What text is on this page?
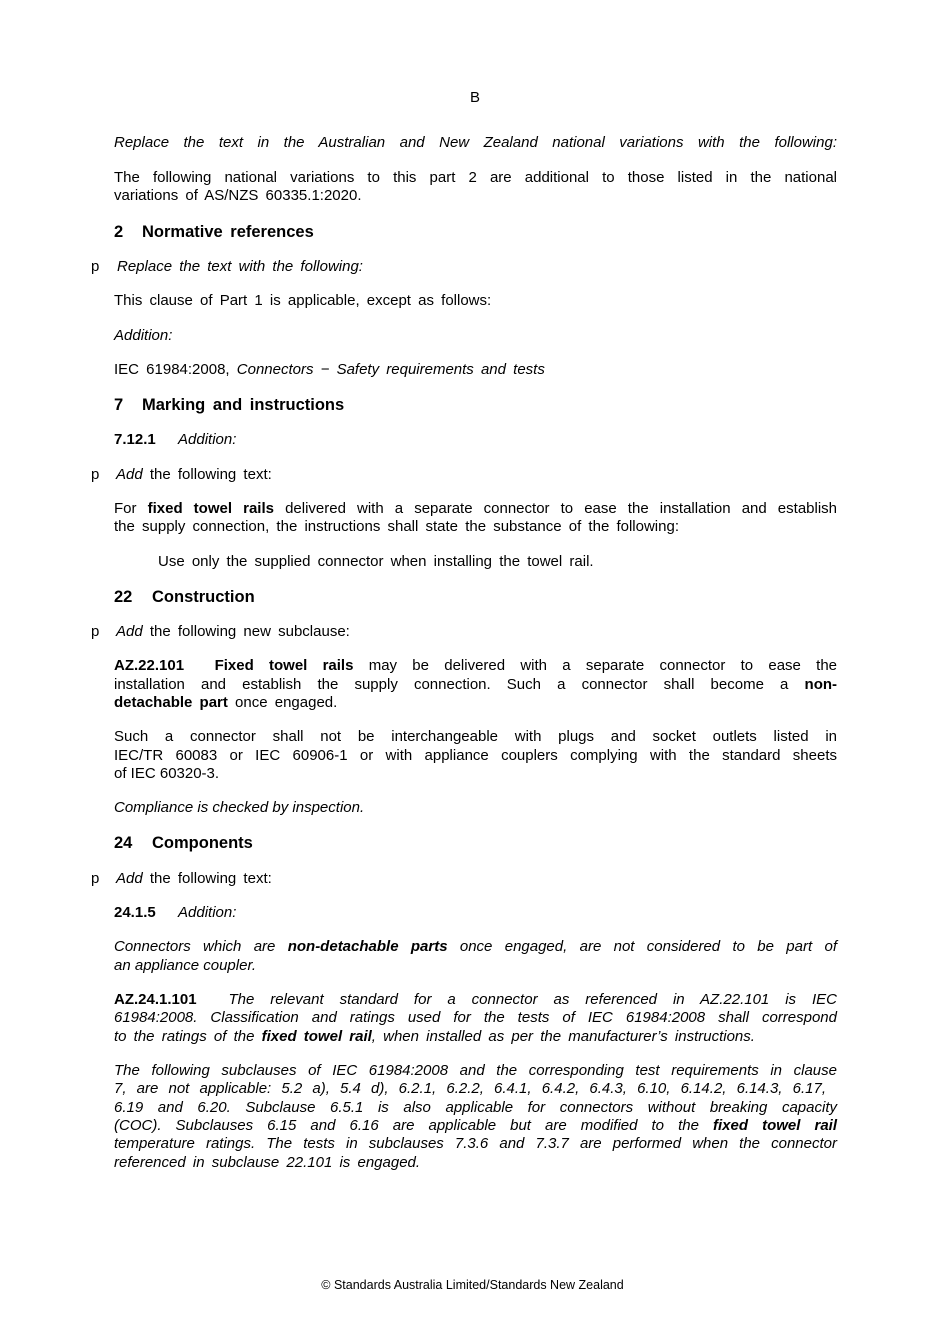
B
Replace the text in the Australian and New Zealand national variations with the following:
The following national variations to this part 2 are additional to those listed in the national
variations of AS/NZS 60335.1:2020.
2 Normative references
p Replace the text with the following:
This clause of Part 1 is applicable, except as follows:
Addition:
IEC 61984:2008, Connectors − Safety requirements and tests
7 Marking and instructions
7.12.1 Addition:
p Add the following text:
For fixed towel rails delivered with a separate connector to ease the installation and establish
the supply connection, the instructions shall state the substance of the following:
Use only the supplied connector when installing the towel rail.
22 Construction
p Add the following new subclause:
AZ.22.101 Fixed towel rails may be delivered with a separate connector to ease the
installation and establish the supply connection. Such a connector shall become a non-
detachable part once engaged.
Such a connector shall not be interchangeable with plugs and socket outlets listed in
IEC/TR 60083 or IEC 60906-1 or with appliance couplers complying with the standard sheets
of IEC 60320-3.
Compliance is checked by inspection.
24 Components
p Add the following text:
24.1.5 Addition:
Connectors which are non-detachable parts once engaged, are not considered to be part of
an appliance coupler.
AZ.24.1.101 The relevant standard for a connector as referenced in AZ.22.101 is IEC
61984:2008. Classification and ratings used for the tests of IEC 61984:2008 shall correspond
to the ratings of the fixed towel rail, when installed as per the manufacturer’s instructions.
The following subclauses of IEC 61984:2008 and the corresponding test requirements in clause
7, are not applicable: 5.2 a), 5.4 d), 6.2.1, 6.2.2, 6.4.1, 6.4.2, 6.4.3, 6.10, 6.14.2, 6.14.3, 6.17,
6.19 and 6.20. Subclause 6.5.1 is also applicable for connectors without breaking capacity
(COC). Subclauses 6.15 and 6.16 are applicable but are modified to the fixed towel rail
temperature ratings. The tests in subclauses 7.3.6 and 7.3.7 are performed when the connector
referenced in subclause 22.101 is engaged.
© Standards Australia Limited/Standards New Zealand
